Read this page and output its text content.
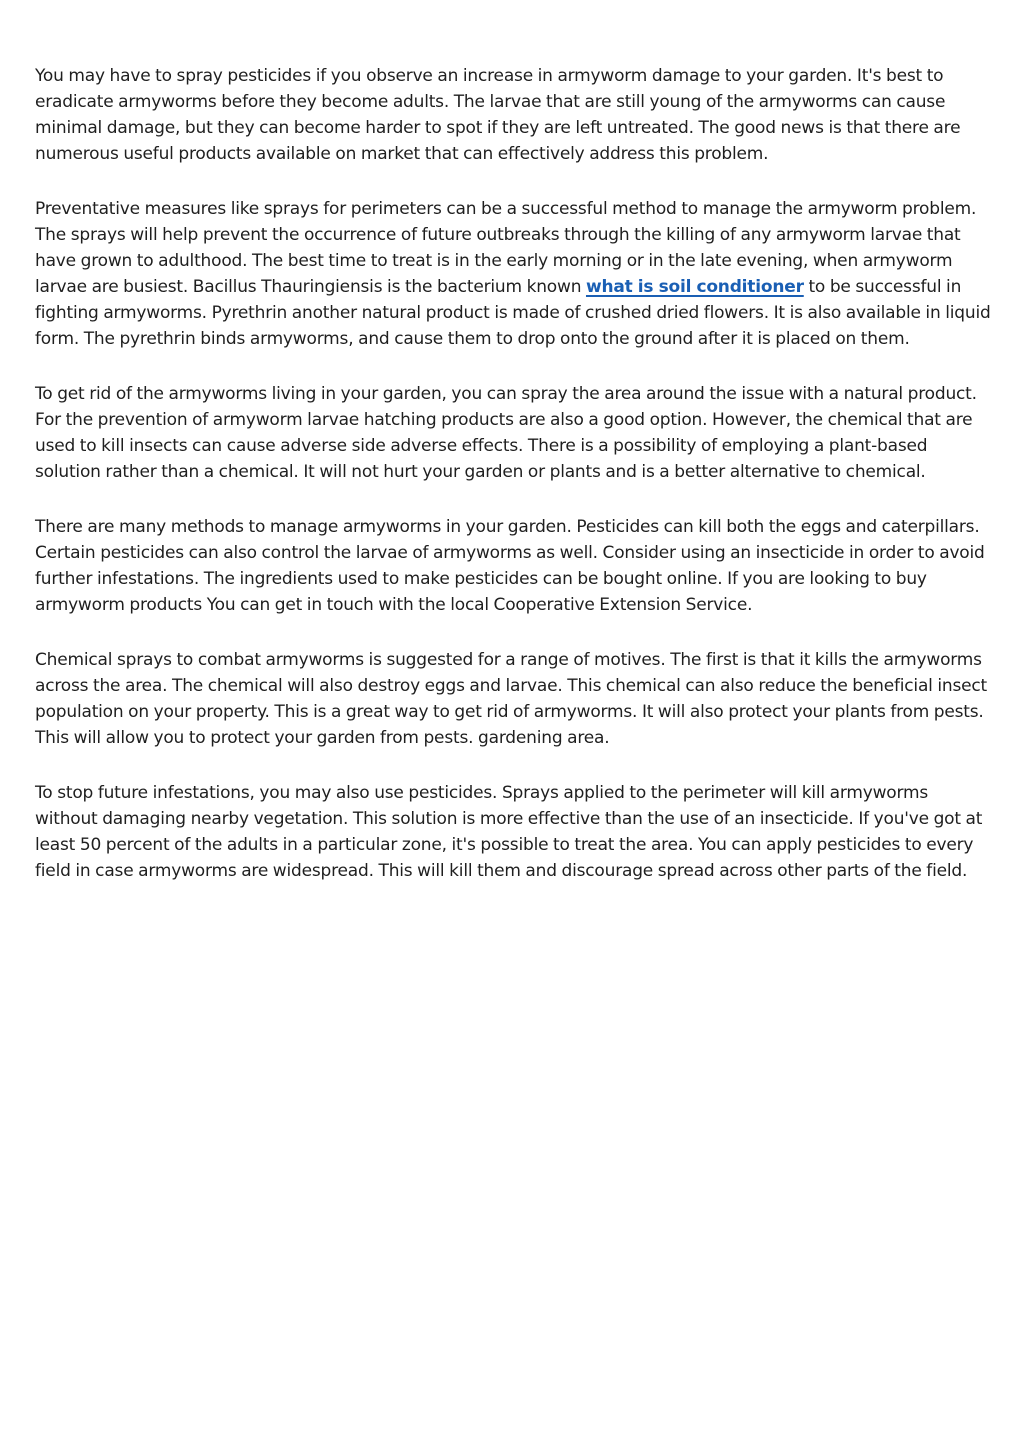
You may have to spray pesticides if you observe an increase in armyworm damage to your garden. It's best to eradicate armyworms before they become adults. The larvae that are still young of the armyworms can cause minimal damage, but they can become harder to spot if they are left untreated. The good news is that there are numerous useful products available on market that can effectively address this problem.

Preventative measures like sprays for perimeters can be a successful method to manage the armyworm problem. The sprays will help prevent the occurrence of future outbreaks through the killing of any armyworm larvae that have grown to adulthood. The best time to treat is in the early morning or in the late evening, when armyworm larvae are busiest. Bacillus Thauringiensis is the bacterium known what is soil conditioner to be successful in fighting armyworms. Pyrethrin another natural product is made of crushed dried flowers. It is also available in liquid form. The pyrethrin binds armyworms, and cause them to drop onto the ground after it is placed on them.

To get rid of the armyworms living in your garden, you can spray the area around the issue with a natural product. For the prevention of armyworm larvae hatching products are also a good option. However, the chemical that are used to kill insects can cause adverse side adverse effects. There is a possibility of employing a plant-based solution rather than a chemical. It will not hurt your garden or plants and is a better alternative to chemical.

There are many methods to manage armyworms in your garden. Pesticides can kill both the eggs and caterpillars. Certain pesticides can also control the larvae of armyworms as well. Consider using an insecticide in order to avoid further infestations. The ingredients used to make pesticides can be bought online. If you are looking to buy armyworm products You can get in touch with the local Cooperative Extension Service.

Chemical sprays to combat armyworms is suggested for a range of motives. The first is that it kills the armyworms across the area. The chemical will also destroy eggs and larvae. This chemical can also reduce the beneficial insect population on your property. This is a great way to get rid of armyworms. It will also protect your plants from pests. This will allow you to protect your garden from pests. gardening area.

To stop future infestations, you may also use pesticides. Sprays applied to the perimeter will kill armyworms without damaging nearby vegetation. This solution is more effective than the use of an insecticide. If you've got at least 50 percent of the adults in a particular zone, it's possible to treat the area. You can apply pesticides to every field in case armyworms are widespread. This will kill them and discourage spread across other parts of the field.
